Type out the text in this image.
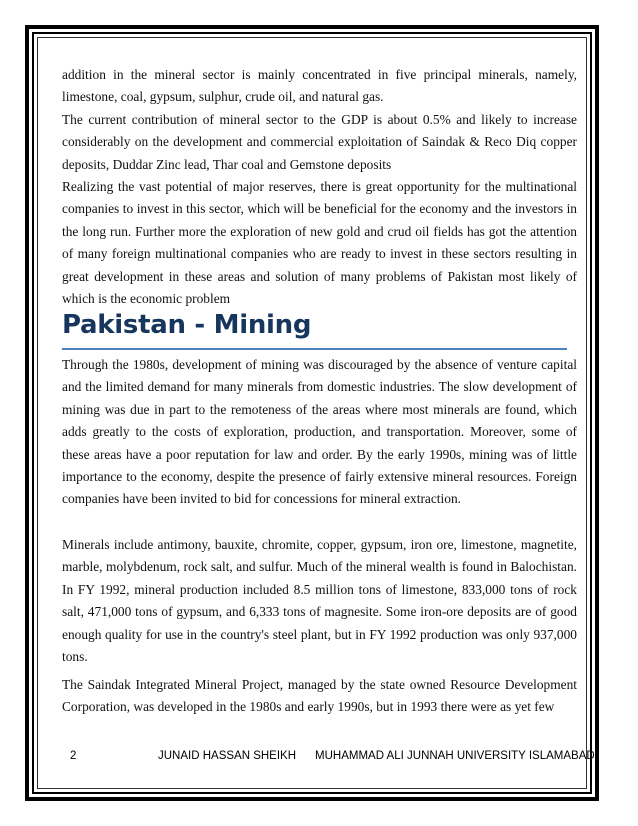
addition in the mineral sector is mainly concentrated in five principal minerals, namely, limestone, coal, gypsum, sulphur, crude oil, and natural gas.

The current contribution of mineral sector to the GDP is about 0.5% and likely to increase considerably on the development and commercial exploitation of Saindak & Reco Diq copper deposits, Duddar Zinc lead, Thar coal and Gemstone deposits

Realizing the vast potential of major reserves, there is great opportunity for the multinational companies to invest in this sector, which will be beneficial for the economy and the investors in the long run. Further more the exploration of new gold and crud oil fields has got the attention of many foreign multinational companies who are ready to invest in these sectors resulting in great development in these areas and solution of many problems of Pakistan most likely of which is the economic problem

Pakistan - Mining

Through the 1980s, development of mining was discouraged by the absence of venture capital and the limited demand for many minerals from domestic industries. The slow development of mining was due in part to the remoteness of the areas where most minerals are found, which adds greatly to the costs of exploration, production, and transportation. Moreover, some of these areas have a poor reputation for law and order. By the early 1990s, mining was of little importance to the economy, despite the presence of fairly extensive mineral resources. Foreign companies have been invited to bid for concessions for mineral extraction.

Minerals include antimony, bauxite, chromite, copper, gypsum, iron ore, limestone, magnetite, marble, molybdenum, rock salt, and sulfur. Much of the mineral wealth is found in Balochistan. In FY 1992, mineral production included 8.5 million tons of limestone, 833,000 tons of rock salt, 471,000 tons of gypsum, and 6,333 tons of magnesite. Some iron-ore deposits are of good enough quality for use in the country's steel plant, but in FY 1992 production was only 937,000 tons.

The Saindak Integrated Mineral Project, managed by the state owned Resource Development Corporation, was developed in the 1980s and early 1990s, but in 1993 there were as yet few

2	JUNAID HASSAN SHEIKH MUHAMMAD ALI JUNNAH UNIVERSITY ISLAMABAD
